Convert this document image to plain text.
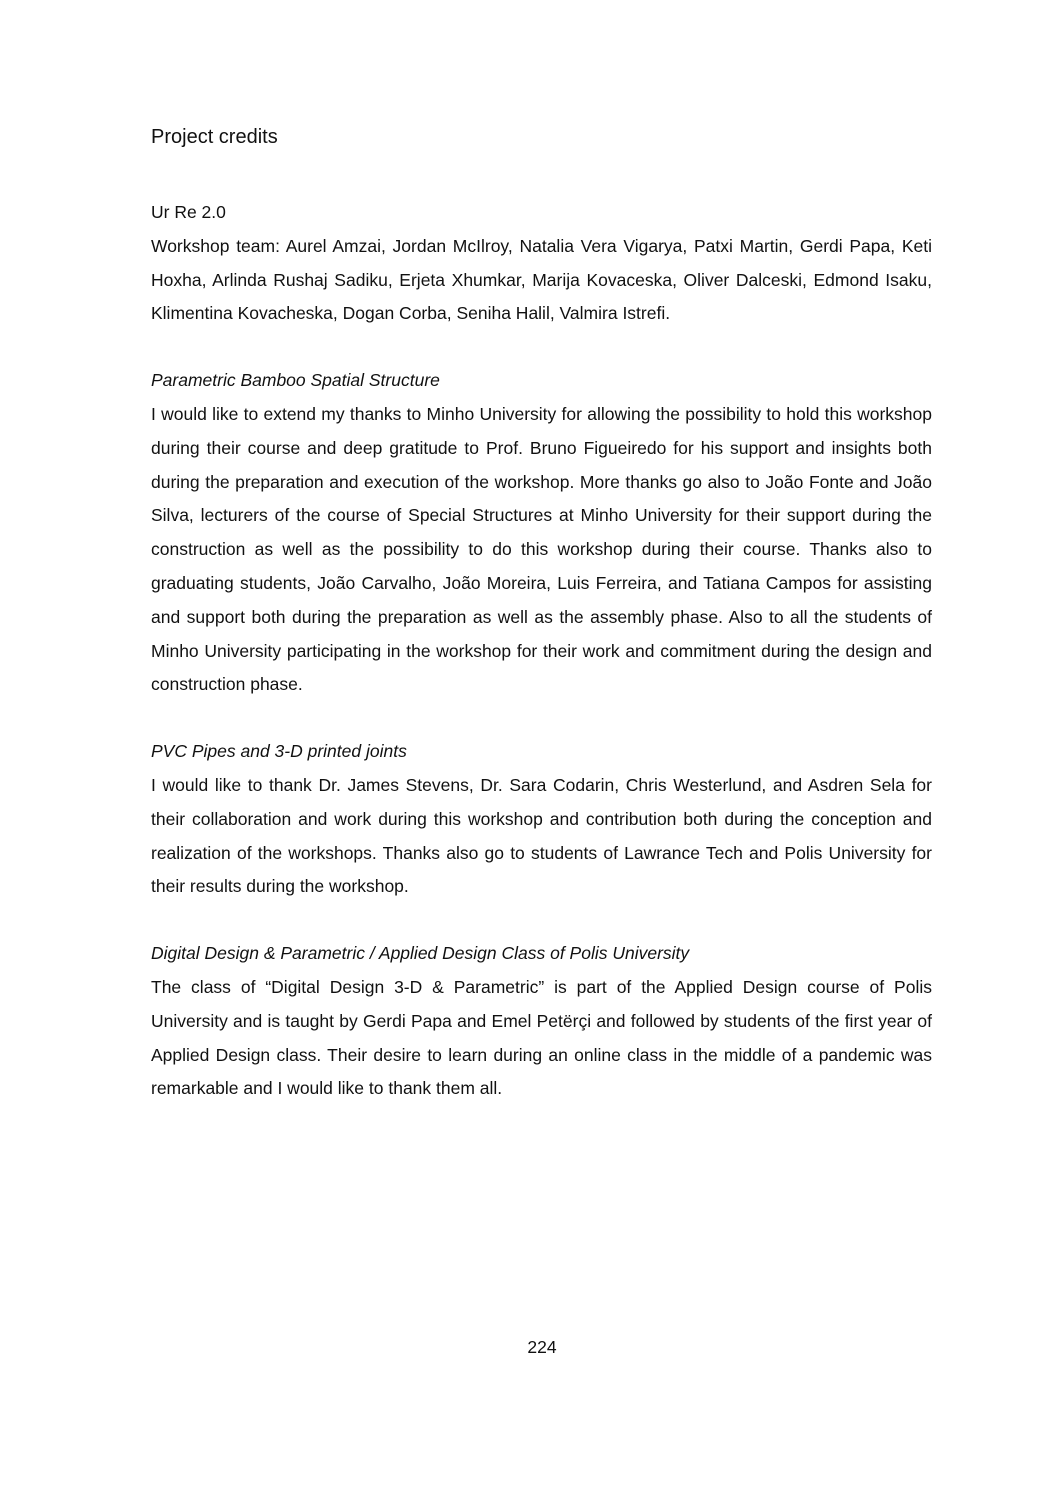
Project credits

Ur Re 2.0

Workshop team: Aurel Amzai, Jordan McIlroy, Natalia Vera Vigarya, Patxi Martin, Gerdi Papa, Keti Hoxha, Arlinda Rushaj Sadiku, Erjeta Xhumkar, Marija Kovaceska, Oliver Dalceski, Edmond Isaku, Klimentina Kovacheska, Dogan Corba, Seniha Halil, Valmira Istrefi.

Parametric Bamboo Spatial Structure

I would like to extend my thanks to Minho University for allowing the possibility to hold this workshop during their course and deep gratitude to Prof. Bruno Figueiredo for his support and insights both during the preparation and execution of the workshop. More thanks go also to João Fonte and João Silva, lecturers of the course of Special Structures at Minho University for their support during the construction as well as the possibility to do this workshop during their course. Thanks also to graduating students, João Carvalho, João Moreira, Luis Ferreira, and Tatiana Campos for assisting and support both during the preparation as well as the assembly phase. Also to all the students of Minho University participating in the workshop for their work and commitment during the design and construction phase.

PVC Pipes and 3-D printed joints

I would like to thank Dr. James Stevens, Dr. Sara Codarin, Chris Westerlund, and Asdren Sela for their collaboration and work during this workshop and contribution both during the conception and realization of the workshops. Thanks also go to students of Lawrance Tech and Polis University for their results during the workshop.

Digital Design & Parametric / Applied Design Class of Polis University

The class of “Digital Design 3-D & Parametric” is part of the Applied Design course of Polis University and is taught by Gerdi Papa and Emel Petërçi and followed by students of the first year of Applied Design class. Their desire to learn during an online class in the middle of a pandemic was remarkable and I would like to thank them all.

224
